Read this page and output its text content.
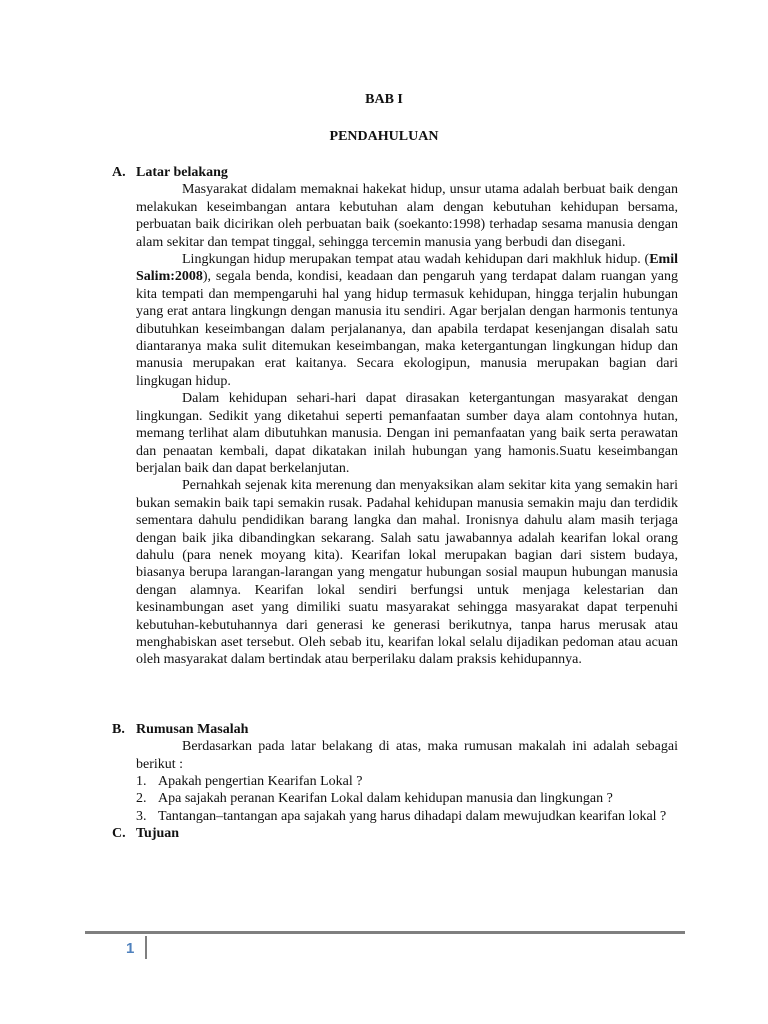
BAB I
PENDAHULUAN
A. Latar belakang

Masyarakat didalam memaknai hakekat hidup, unsur utama adalah berbuat baik dengan melakukan keseimbangan antara kebutuhan alam dengan kebutuhan kehidupan bersama, perbuatan baik dicirikan oleh perbuatan baik (soekanto:1998) terhadap sesama manusia dengan alam sekitar dan tempat tinggal, sehingga tercemin manusia yang berbudi dan disegani.

Lingkungan hidup merupakan tempat atau wadah kehidupan dari makhluk hidup. (Emil Salim:2008), segala benda, kondisi, keadaan dan pengaruh yang terdapat dalam ruangan yang kita tempati dan mempengaruhi hal yang hidup termasuk kehidupan, hingga terjalin hubungan yang erat antara lingkungn dengan manusia itu sendiri. Agar berjalan dengan harmonis tentunya dibutuhkan keseimbangan dalam perjalananya, dan apabila terdapat kesenjangan disalah satu diantaranya maka sulit ditemukan keseimbangan, maka ketergantungan lingkungan hidup dan manusia merupakan erat kaitanya. Secara ekologipun, manusia merupakan bagian dari lingkugan hidup.

Dalam kehidupan sehari-hari dapat dirasakan ketergantungan masyarakat dengan lingkungan. Sedikit yang diketahui seperti pemanfaatan sumber daya alam contohnya hutan, memang terlihat alam dibutuhkan manusia. Dengan ini pemanfaatan yang baik serta perawatan dan penaatan kembali, dapat dikatakan inilah hubungan yang hamonis.Suatu keseimbangan berjalan baik dan dapat berkelanjutan.

Pernahkah sejenak kita merenung dan menyaksikan alam sekitar kita yang semakin hari bukan semakin baik tapi semakin rusak. Padahal kehidupan manusia semakin maju dan terdidik sementara dahulu pendidikan barang langka dan mahal. Ironisnya dahulu alam masih terjaga dengan baik jika dibandingkan sekarang. Salah satu jawabannya adalah kearifan lokal orang dahulu (para nenek moyang kita). Kearifan lokal merupakan bagian dari sistem budaya, biasanya berupa larangan-larangan yang mengatur hubungan sosial maupun hubungan manusia dengan alamnya. Kearifan lokal sendiri berfungsi untuk menjaga kelestarian dan kesinambungan aset yang dimiliki suatu masyarakat sehingga masyarakat dapat terpenuhi kebutuhan-kebutuhannya dari generasi ke generasi berikutnya, tanpa harus merusak atau menghabiskan aset tersebut. Oleh sebab itu, kearifan lokal selalu dijadikan pedoman atau acuan oleh masyarakat dalam bertindak atau berperilaku dalam praksis kehidupannya.

B. Rumusan Masalah

Berdasarkan pada latar belakang di atas, maka rumusan makalah ini adalah sebagai berikut :

1. Apakah pengertian Kearifan Lokal ?
2. Apa sajakah peranan Kearifan Lokal dalam kehidupan manusia dan lingkungan ?
3. Tantangan–tantangan apa sajakah yang harus dihadapi dalam mewujudkan kearifan lokal ?
C. Tujuan
1
